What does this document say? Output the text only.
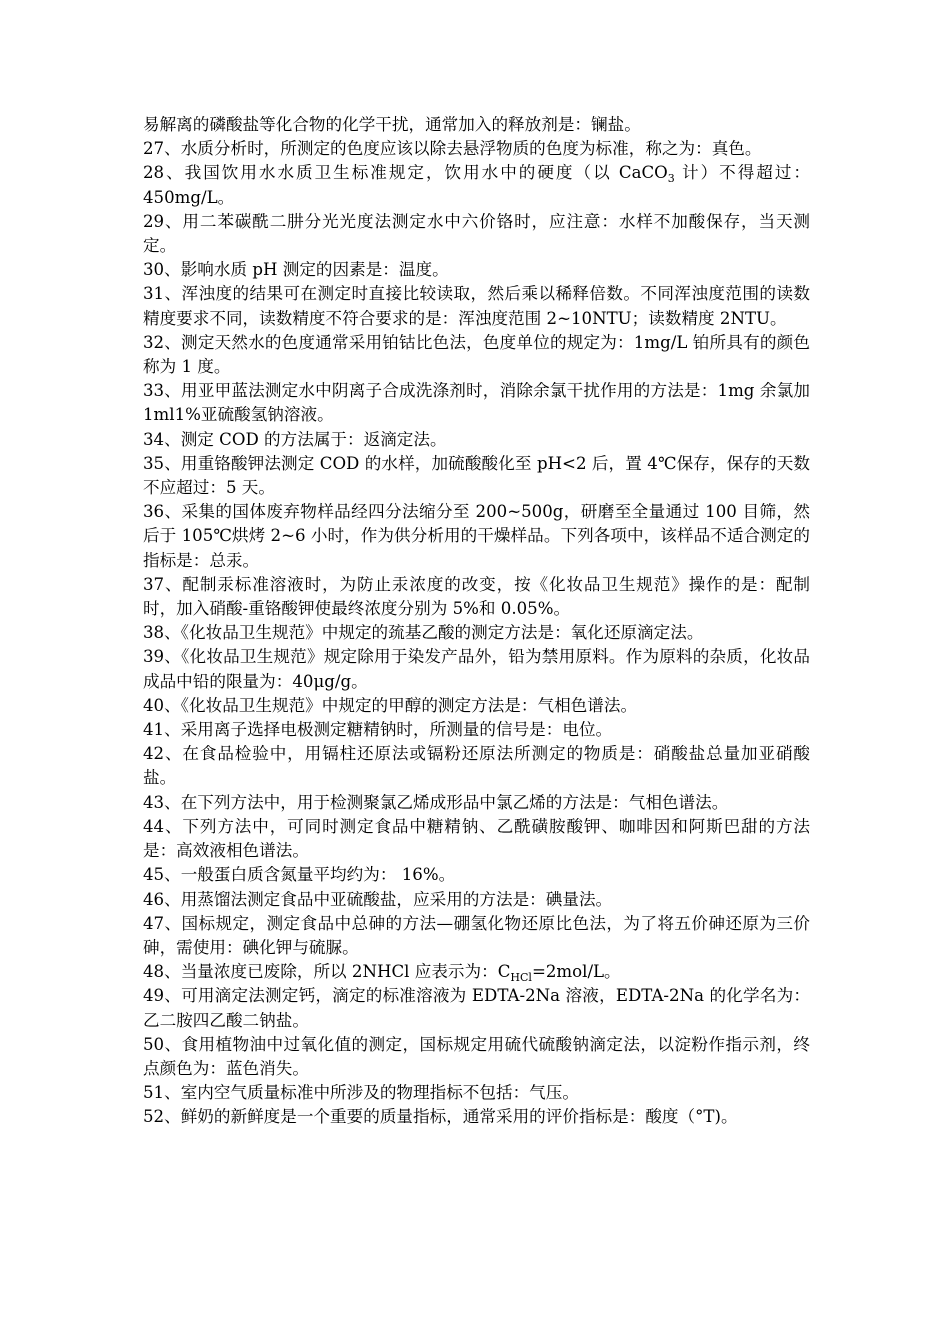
易解离的磷酸盐等化合物的化学干扰，通常加入的释放剂是：镧盐。

27、水质分析时，所测定的色度应该以除去悬浮物质的色度为标准，称之为：真色。

28、我国饮用水水质卫生标准规定，饮用水中的硬度（以 CaCO$_3$ 计）不得超过：450mg/L。

29、用二苯碳酰二肼分光光度法测定水中六价铬时，应注意：水样不加酸保存，当天测定。

30、影响水质 pH 测定的因素是：温度。

31、浑浊度的结果可在测定时直接比较读取，然后乘以稀释倍数。不同浑浊度范围的读数精度要求不同，读数精度不符合要求的是：浑浊度范围 2~10NTU；读数精度 2NTU。

32、测定天然水的色度通常采用铂钴比色法，色度单位的规定为：1mg/L 铂所具有的颜色称为 1 度。

33、用亚甲蓝法测定水中阴离子合成洗涤剂时，消除余氯干扰作用的方法是：1mg 余氯加 1ml1%亚硫酸氢钠溶液。

34、测定 COD 的方法属于：返滴定法。

35、用重铬酸钾法测定 COD 的水样，加硫酸酸化至 pH<2 后，置 4℃保存，保存的天数不应超过：5 天。

36、采集的国体废弃物样品经四分法缩分至 200~500g，研磨至全量通过 100 目筛，然后于 105℃烘烤 2~6 小时，作为供分析用的干燥样品。下列各项中，该样品不适合测定的指标是：总汞。

37、配制汞标准溶液时，为防止汞浓度的改变，按《化妆品卫生规范》操作的是：配制时，加入硝酸-重铬酸钾使最终浓度分别为 5%和 0.05%。

38、《化妆品卫生规范》中规定的巯基乙酸的测定方法是：氧化还原滴定法。

39、《化妆品卫生规范》规定除用于染发产品外，铅为禁用原料。作为原料的杂质，化妆品成品中铅的限量为：40μg/g。

40、《化妆品卫生规范》中规定的甲醇的测定方法是：气相色谱法。

41、采用离子选择电极测定糖精钠时，所测量的信号是：电位。

42、在食品检验中，用镉柱还原法或镉粉还原法所测定的物质是：硝酸盐总量加亚硝酸盐。

43、在下列方法中，用于检测聚氯乙烯成形品中氯乙烯的方法是：气相色谱法。

44、下列方法中，可同时测定食品中糖精钠、乙酰磺胺酸钾、咖啡因和阿斯巴甜的方法是：高效液相色谱法。

45、一般蛋白质含氮量平均约为： 16%。

46、用蒸馏法测定食品中亚硫酸盐，应采用的方法是：碘量法。

47、国标规定，测定食品中总砷的方法—硼氢化物还原比色法，为了将五价砷还原为三价砷，需使用：碘化钾与硫脲。

48、当量浓度已废除，所以 2NHCl 应表示为：$C_{HCl}=2mol/L$。

49、可用滴定法测定钙，滴定的标准溶液为 EDTA-2Na 溶液，EDTA-2Na 的化学名为：乙二胺四乙酸二钠盐。

50、食用植物油中过氧化值的测定，国标规定用硫代硫酸钠滴定法，以淀粉作指示剂，终点颜色为：蓝色消失。

51、室内空气质量标准中所涉及的物理指标不包括：气压。

52、鲜奶的新鲜度是一个重要的质量指标，通常采用的评价指标是：酸度（°T)。
